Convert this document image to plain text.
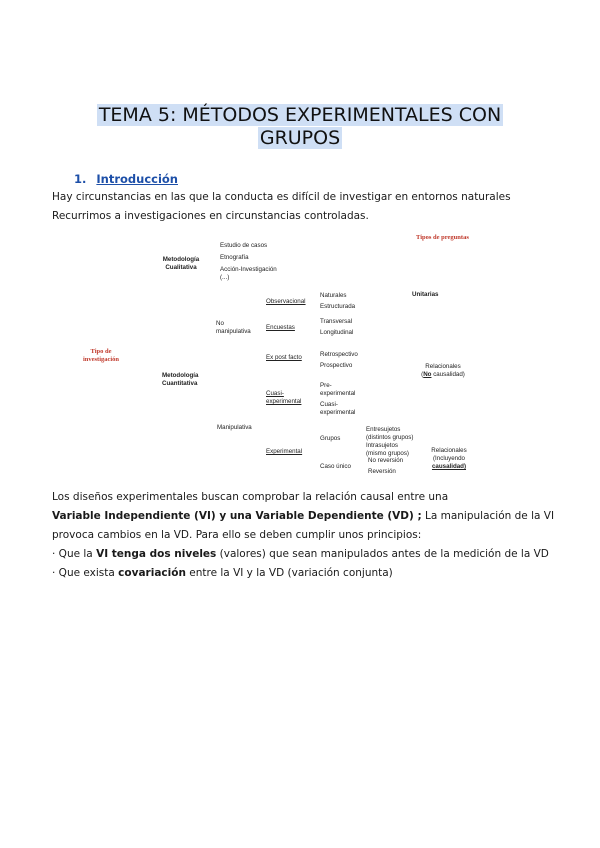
TEMA 5: MÉTODOS EXPERIMENTALES CON
GRUPOS
1. Introducción
Hay circunstancias en las que la conducta es difícil de investigar en entornos naturales
Recurrimos a investigaciones en circunstancias controladas.
Tipos de preguntas
Tipo de
investigación
Metodología
Cualitativa
Estudio de casos
Etnografía
Acción-Investigación
(...)
Metodología
Cuantitativa
No
manipulativa
Manipulativa
Observacional
Encuestas
Ex post facto
Cuasi-
experimental
Experimental
Naturales
Estructurada
Transversal
Longitudinal
Retrospectivo
Prospectivo
Pre-
experimental
Cuasi-
experimental
Grupos
Caso único
Entresujetos
(distintos grupos)
Intrasujetos
(mismo grupos)
No reversión
Reversión
Unitarias
Relacionales
(No causalidad)
Relacionales
(Incluyendo
causalidad)
Los diseños experimentales buscan comprobar la relación causal entre una
Variable Independiente (VI) y una Variable Dependiente (VD) ; La manipulación de la VI
provoca cambios en la VD. Para ello se deben cumplir unos principios:
· Que la VI tenga dos niveles (valores) que sean manipulados antes de la medición de la VD
· Que exista covariación entre la VI y la VD (variación conjunta)
